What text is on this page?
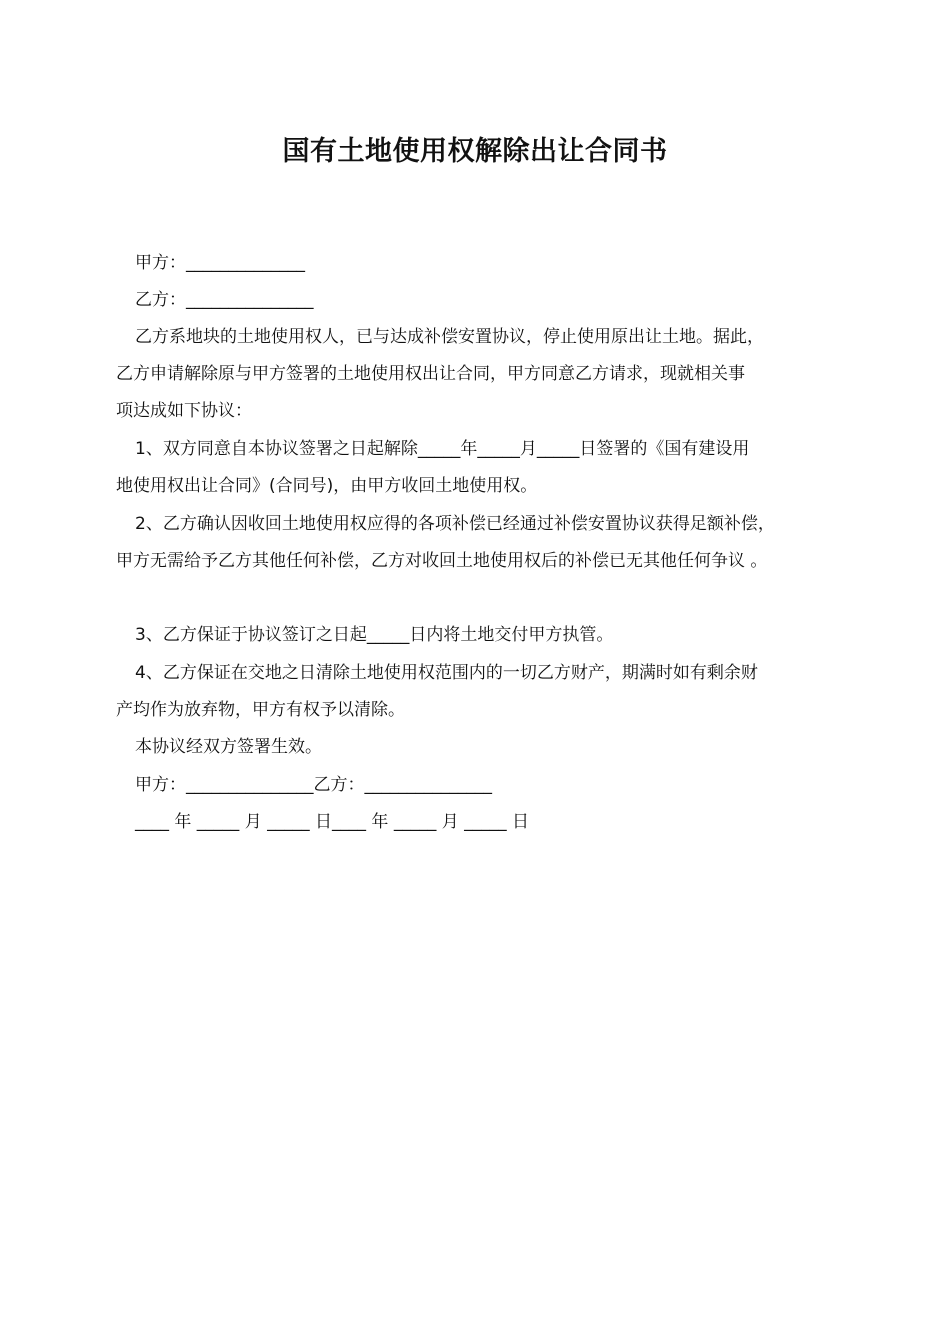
国有土地使用权解除出让合同书
甲方：______________
乙方：_______________
乙方系地块的土地使用权人，已与达成补偿安置协议，停止使用原出让土地。据此，
乙方申请解除原与甲方签署的土地使用权出让合同，甲方同意乙方请求，现就相关事
项达成如下协议：
1、双方同意自本协议签署之日起解除_____年_____月_____日签署的《国有建设用
地使用权出让合同》(合同号)，由甲方收回土地使用权。
2、乙方确认因收回土地使用权应得的各项补偿已经通过补偿安置协议获得足额补偿，
甲方无需给予乙方其他任何补偿，乙方对收回土地使用权后的补偿已无其他任何争议 。
3、乙方保证于协议签订之日起_____日内将土地交付甲方执管。
4、乙方保证在交地之日清除土地使用权范围内的一切乙方财产，期满时如有剩余财
产均作为放弃物，甲方有权予以清除。
本协议经双方签署生效。
甲方：_______________乙方：_______________
____ 年 _____ 月 _____ 日____ 年 _____ 月 _____ 日
